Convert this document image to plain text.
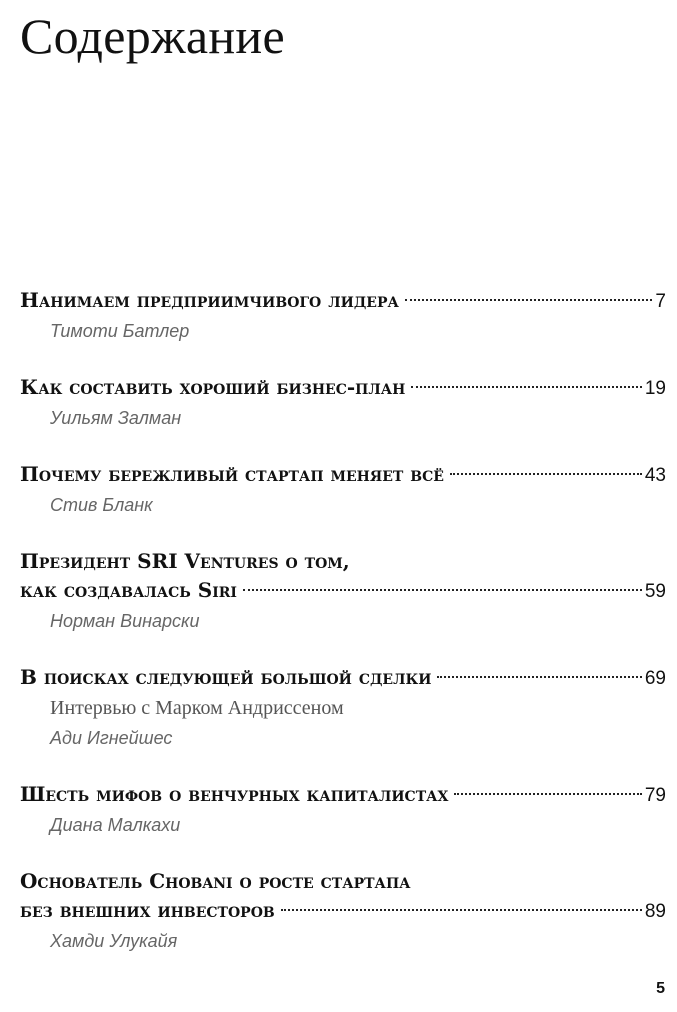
Содержание
Нанимаем предприимчивого лидера	7
Тимоти Батлер
Как составить хороший бизнес-план	19
Уильям Залман
Почему бережливый стартап меняет всё	43
Стив Бланк
Президент SRI Ventures о том,
как создавалась Siri	59
Норман Винарски
В поисках следующей большой сделки	69
Интервью с Марком Андриссеном
Ади Игнейшес
Шесть мифов о венчурных капиталистах	79
Диана Малкахи
Основатель Chobani о росте стартапа
без внешних инвесторов	89
Хамди Улукайя
5
